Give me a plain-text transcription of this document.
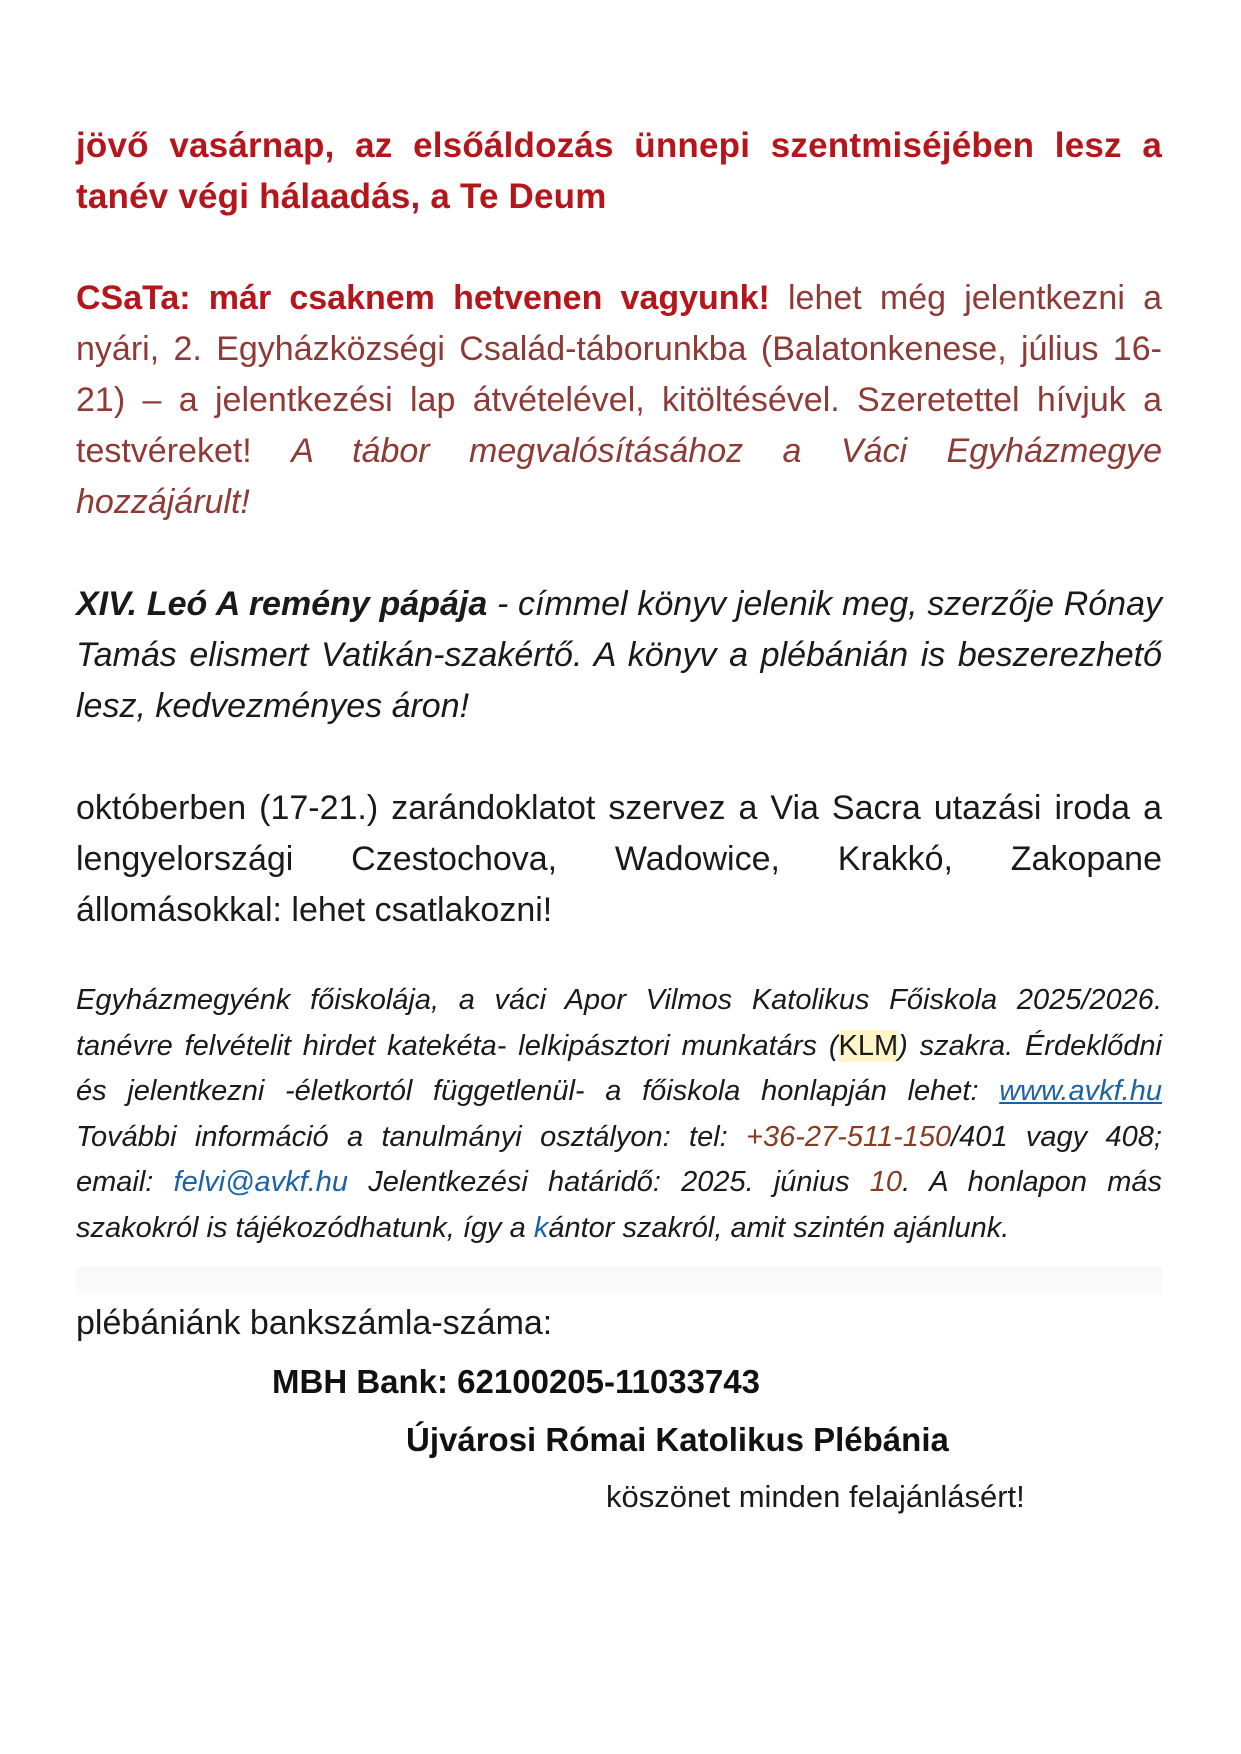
jövő vasárnap, az elsőáldozás ünnepi szentmiséjében lesz a tanév végi hálaadás, a Te Deum

CSaTa: már csaknem hetvenen vagyunk! lehet még jelentkezni a nyári, 2. Egyházközségi Család-táborunkba (Balatonkenese, július 16-21) – a jelentkezési lap átvételével, kitöltésével. Szeretettel hívjuk a testvéreket! A tábor megvalósításához a Váci Egyházmegye hozzájárult!

XIV. Leó A remény pápája - címmel könyv jelenik meg, szerzője Rónay Tamás elismert Vatikán-szakértő. A könyv a plébánián is beszerezhető lesz, kedvezményes áron!

októberben (17-21.) zarándoklatot szervez a Via Sacra utazási iroda a lengyelországi Czestochova, Wadowice, Krakkó, Zakopane állomásokkal: lehet csatlakozni!

Egyházmegyénk főiskolája, a váci Apor Vilmos Katolikus Főiskola 2025/2026. tanévre felvételit hirdet katekéta- lelkipásztori munkatárs (KLM) szakra. Érdeklődni és jelentkezni -életkortól függetlenül- a főiskola honlapján lehet: www.avkf.hu További információ a tanulmányi osztályon: tel: +36-27-511-150/401 vagy 408; email: felvi@avkf.hu Jelentkezési határidő: 2025. június 10. A honlapon más szakokról is tájékozódhatunk, így a kántor szakról, amit szintén ajánlunk.

plébániánk bankszámla-száma:
MBH Bank: 62100205-11033743
Újvárosi Római Katolikus Plébánia
köszönet minden felajánlásért!
